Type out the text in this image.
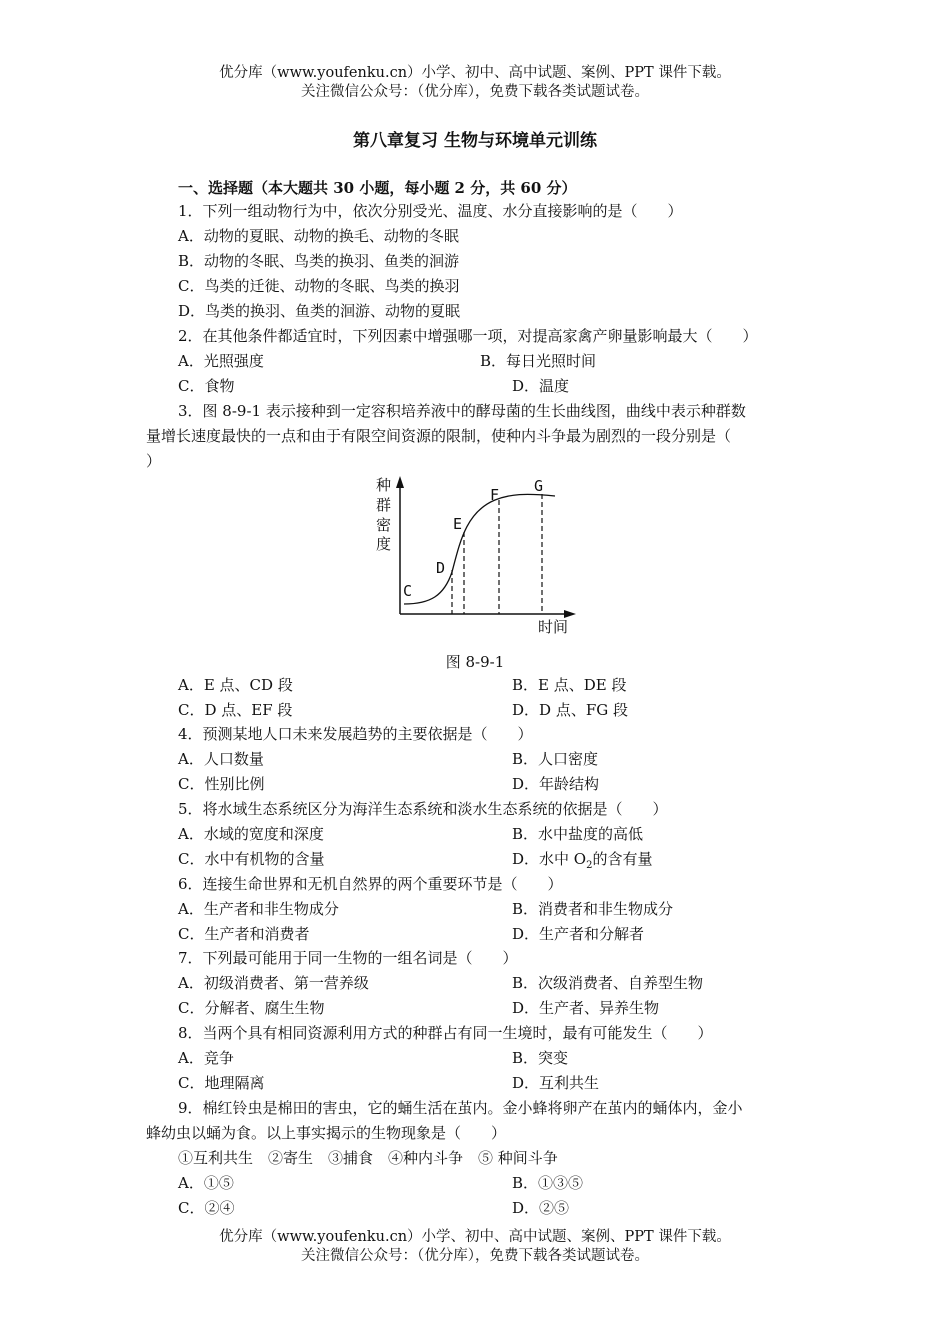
优分库（www.youfenku.cn）小学、初中、高中试题、案例、PPT 课件下载。
关注微信公众号：（优分库），免费下载各类试题试卷。
第八章复习 生物与环境单元训练
一、选择题（本大题共 30 小题，每小题 2 分，共 60 分）
1．下列一组动物行为中，依次分别受光、温度、水分直接影响的是（　　）
A．动物的夏眠、动物的换毛、动物的冬眠
B．动物的冬眠、鸟类的换羽、鱼类的洄游
C．鸟类的迁徙、动物的冬眠、鸟类的换羽
D．鸟类的换羽、鱼类的洄游、动物的夏眠
2．在其他条件都适宜时，下列因素中增强哪一项，对提高家禽产卵量影响最大（　　）
A．光照强度	B．每日光照时间
C．食物	D．温度
3．图 8-9-1 表示接种到一定容积培养液中的酵母菌的生长曲线图，曲线中表示种群数
量增长速度最快的一点和由于有限空间资源的限制，使种内斗争最为剧烈的一段分别是（
）
种
群
密
度
时间
C
D
E
F G
图 8-9-1
A．E 点、CD 段	B．E 点、DE 段
C．D 点、EF 段	D．D 点、FG 段
4．预测某地人口未来发展趋势的主要依据是（　　）
A．人口数量	B．人口密度
C．性别比例	D．年龄结构
5．将水域生态系统区分为海洋生态系统和淡水生态系统的依据是（　　）
A．水域的宽度和深度	B．水中盐度的高低
C．水中有机物的含量	D．水中 $O_2$的含有量
6．连接生命世界和无机自然界的两个重要环节是（　　）
A．生产者和非生物成分	B．消费者和非生物成分
C．生产者和消费者	D．生产者和分解者
7．下列最可能用于同一生物的一组名词是（　　）
A．初级消费者、第一营养级	B．次级消费者、自养型生物
C．分解者、腐生生物	D．生产者、异养生物
8．当两个具有相同资源利用方式的种群占有同一生境时，最有可能发生（　　）
A．竞争	B．突变
C．地理隔离	D．互利共生
9．棉红铃虫是棉田的害虫，它的蛹生活在茧内。金小蜂将卵产在茧内的蛹体内，金小
蜂幼虫以蛹为食。以上事实揭示的生物现象是（　　）
①互利共生　②寄生　③捕食　④种内斗争　⑤ 种间斗争
A．①⑤	B．①③⑤
C．②④	D．②⑤
优分库（www.youfenku.cn）小学、初中、高中试题、案例、PPT 课件下载。
关注微信公众号：（优分库），免费下载各类试题试卷。
